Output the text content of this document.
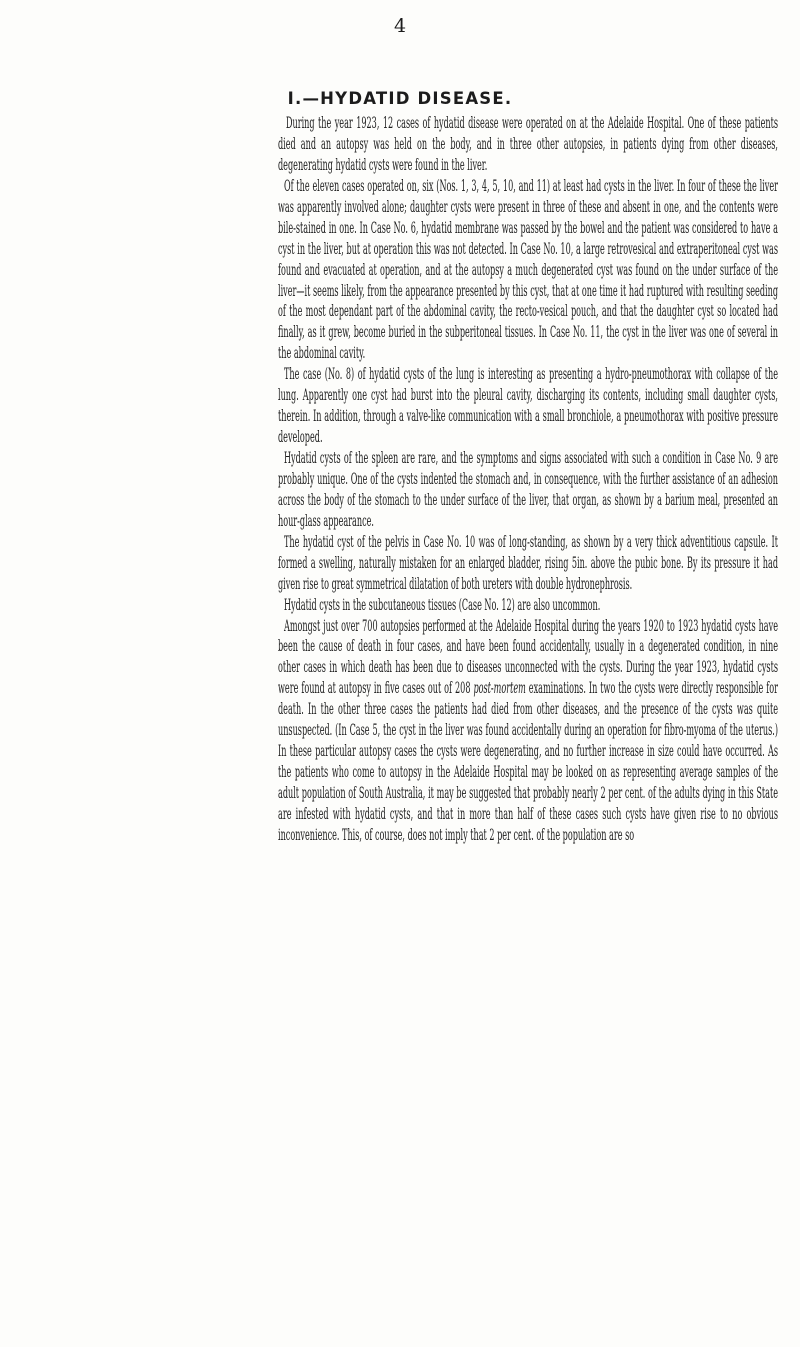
4
I.—HYDATID DISEASE.

During the year 1923, 12 cases of hydatid disease were operated on at the Adelaide Hospital. One of these patients died and an autopsy was held on the body, and in three other autopsies, in patients dying from other diseases, degenerating hydatid cysts were found in the liver.

Of the eleven cases operated on, six (Nos. 1, 3, 4, 5, 10, and 11) at least had cysts in the liver. In four of these the liver was apparently involved alone; daughter cysts were present in three of these and absent in one, and the contents were bile-stained in one. In Case No. 6, hydatid membrane was passed by the bowel and the patient was considered to have a cyst in the liver, but at operation this was not detected. In Case No. 10, a large retrovesical and extraperitoneal cyst was found and evacuated at operation, and at the autopsy a much degenerated cyst was found on the under surface of the liver—it seems likely, from the appearance presented by this cyst, that at one time it had ruptured with resulting seeding of the most dependant part of the abdominal cavity, the recto-vesical pouch, and that the daughter cyst so located had finally, as it grew, become buried in the subperitoneal tissues. In Case No. 11, the cyst in the liver was one of several in the abdominal cavity.

The case (No. 8) of hydatid cysts of the lung is interesting as presenting a hydro-pneumothorax with collapse of the lung. Apparently one cyst had burst into the pleural cavity, discharging its contents, including small daughter cysts, therein. In addition, through a valve-like communication with a small bronchiole, a pneumothorax with positive pressure developed.

Hydatid cysts of the spleen are rare, and the symptoms and signs associated with such a condition in Case No. 9 are probably unique. One of the cysts indented the stomach and, in consequence, with the further assistance of an adhesion across the body of the stomach to the under surface of the liver, that organ, as shown by a barium meal, presented an hour-glass appearance.

The hydatid cyst of the pelvis in Case No. 10 was of long-standing, as shown by a very thick adventitious capsule. It formed a swelling, naturally mistaken for an enlarged bladder, rising 5in. above the pubic bone. By its pressure it had given rise to great symmetrical dilatation of both ureters with double hydronephrosis.

Hydatid cysts in the subcutaneous tissues (Case No. 12) are also uncommon.

Amongst just over 700 autopsies performed at the Adelaide Hospital during the years 1920 to 1923 hydatid cysts have been the cause of death in four cases, and have been found accidentally, usually in a degenerated condition, in nine other cases in which death has been due to diseases unconnected with the cysts. During the year 1923, hydatid cysts were found at autopsy in five cases out of 208 post-mortem examinations. In two the cysts were directly responsible for death. In the other three cases the patients had died from other diseases, and the presence of the cysts was quite unsuspected. (In Case 5, the cyst in the liver was found accidentally during an operation for fibro-myoma of the uterus.) In these particular autopsy cases the cysts were degenerating, and no further increase in size could have occurred. As the patients who come to autopsy in the Adelaide Hospital may be looked on as representing average samples of the adult population of South Australia, it may be suggested that probably nearly 2 per cent. of the adults dying in this State are infested with hydatid cysts, and that in more than half of these cases such cysts have given rise to no obvious inconvenience. This, of course, does not imply that 2 per cent. of the population are so
